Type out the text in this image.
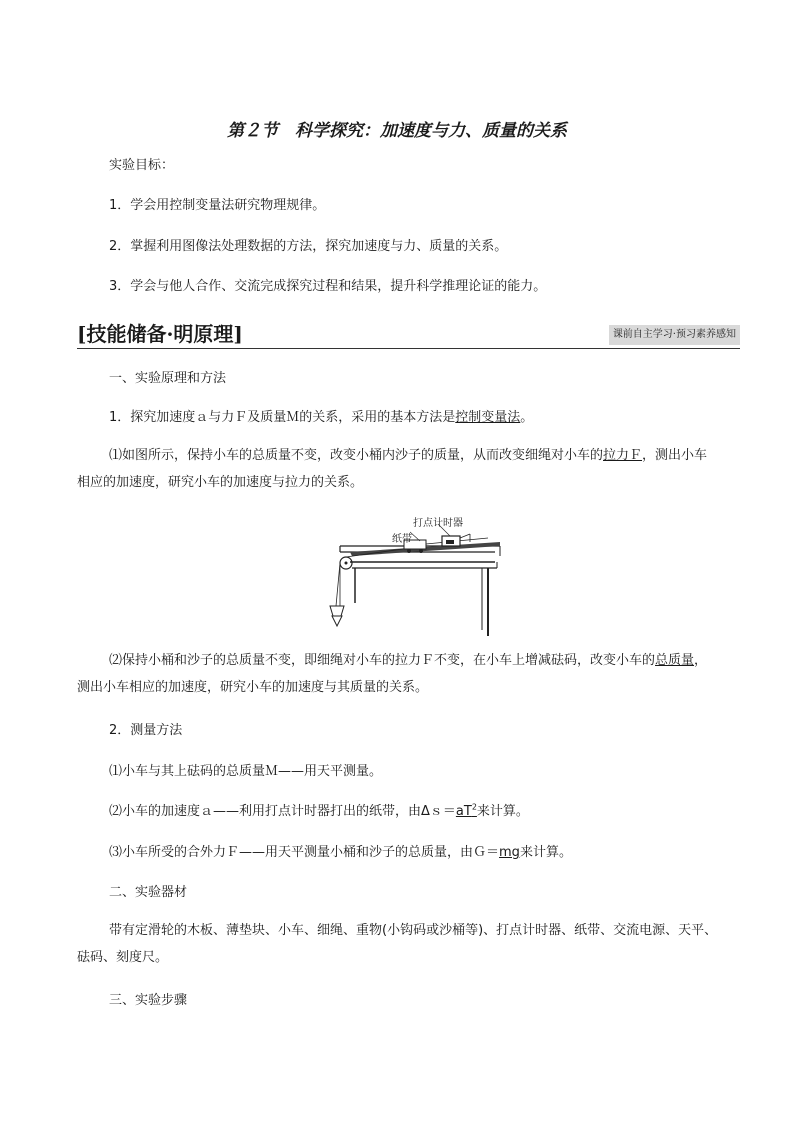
第２节　科学探究：加速度与力、质量的关系
实验目标：
1．学会用控制变量法研究物理规律。
2．掌握利用图像法处理数据的方法，探究加速度与力、质量的关系。
3．学会与他人合作、交流完成探究过程和结果，提升科学推理论证的能力。
[技能储备·明原理]	课前自主学习·预习素养感知
一、实验原理和方法
1．探究加速度ａ与力Ｆ及质量Ｍ的关系，采用的基本方法是控制变量法。
⑴如图所示，保持小车的总质量不变，改变小桶内沙子的质量，从而改变细绳对小车的拉力Ｆ，测出小车相应的加速度，研究小车的加速度与拉力的关系。
打点计时器
纸带
⑵保持小桶和沙子的总质量不变，即细绳对小车的拉力Ｆ不变，在小车上增减砝码，改变小车的总质量，测出小车相应的加速度，研究小车的加速度与其质量的关系。
2．测量方法
⑴小车与其上砝码的总质量Ｍ——用天平测量。
⑵小车的加速度ａ——利用打点计时器打出的纸带，由$\Delta s=aT^2$来计算。
⑶小车所受的合外力Ｆ——用天平测量小桶和沙子的总质量，由Ｇ＝mg来计算。
二、实验器材
带有定滑轮的木板、薄垫块、小车、细绳、重物(小钩码或沙桶等)、打点计时器、纸带、交流电源、天平、砝码、刻度尺。
三、实验步骤
